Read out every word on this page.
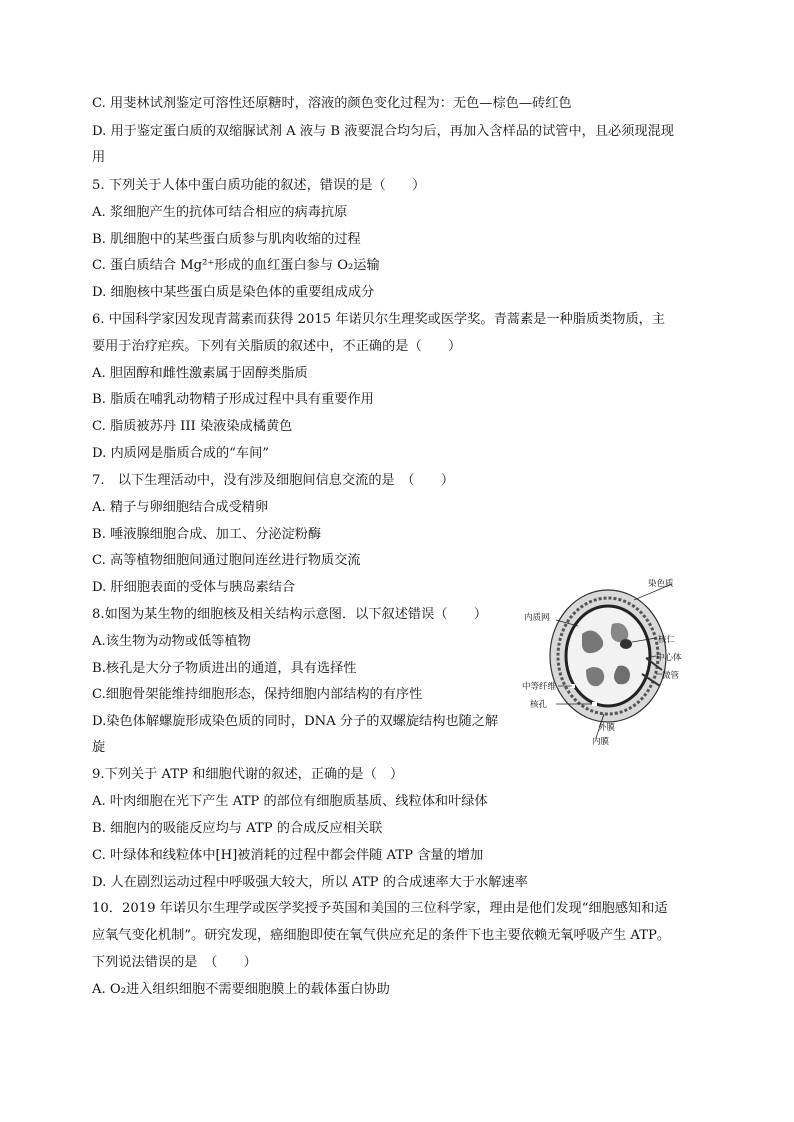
C. 用斐林试剂鉴定可溶性还原糖时，溶液的颜色变化过程为：无色—棕色—砖红色
D. 用于鉴定蛋白质的双缩脲试剂 A 液与 B 液要混合均匀后，再加入含样品的试管中，且必须现混现
用
5. 下列关于人体中蛋白质功能的叙述，错误的是（　　）
A. 浆细胞产生的抗体可结合相应的病毒抗原
B. 肌细胞中的某些蛋白质参与肌肉收缩的过程
C. 蛋白质结合 Mg²⁺形成的血红蛋白参与 O₂运输
D. 细胞核中某些蛋白质是染色体的重要组成成分
6. 中国科学家因发现青蒿素而获得 2015 年诺贝尔生理奖或医学奖。青蒿素是一种脂质类物质，主
要用于治疗疟疾。下列有关脂质的叙述中，不正确的是（　　）
A. 胆固醇和雌性激素属于固醇类脂质
B. 脂质在哺乳动物精子形成过程中具有重要作用
C. 脂质被苏丹 III 染液染成橘黄色
D. 内质网是脂质合成的“车间”
7.　以下生理活动中，没有涉及细胞间信息交流的是　（　　）
A. 精子与卵细胞结合成受精卵
B. 唾液腺细胞合成、加工、分泌淀粉酶
C. 高等植物细胞间通过胞间连丝进行物质交流
D. 肝细胞表面的受体与胰岛素结合
8.如图为某生物的细胞核及相关结构示意图．以下叙述错误（　　）
A.该生物为动物或低等植物
B.核孔是大分子物质进出的通道，具有选择性
C.细胞骨架能维持细胞形态，保持细胞内部结构的有序性
D.染色体解螺旋形成染色质的同时，DNA 分子的双螺旋结构也随之解
旋
9.下列关于 ATP 和细胞代谢的叙述，正确的是（　）
A. 叶肉细胞在光下产生 ATP 的部位有细胞质基质、线粒体和叶绿体
B. 细胞内的吸能反应均与 ATP 的合成反应相关联
C. 叶绿体和线粒体中[H]被消耗的过程中都会伴随 ATP 含量的增加
D. 人在剧烈运动过程中呼吸强大较大，所以 ATP 的合成速率大于水解速率
10．2019 年诺贝尔生理学或医学奖授予英国和美国的三位科学家，理由是他们发现“细胞感知和适
应氧气变化机制”。研究发现，癌细胞即使在氧气供应充足的条件下也主要依赖无氧呼吸产生 ATP。
下列说法错误的是　（　　）
A. O₂进入组织细胞不需要细胞膜上的载体蛋白协助
染色质
内质网
核仁
中心体
微管
中等纤维
核孔
外膜
内膜
